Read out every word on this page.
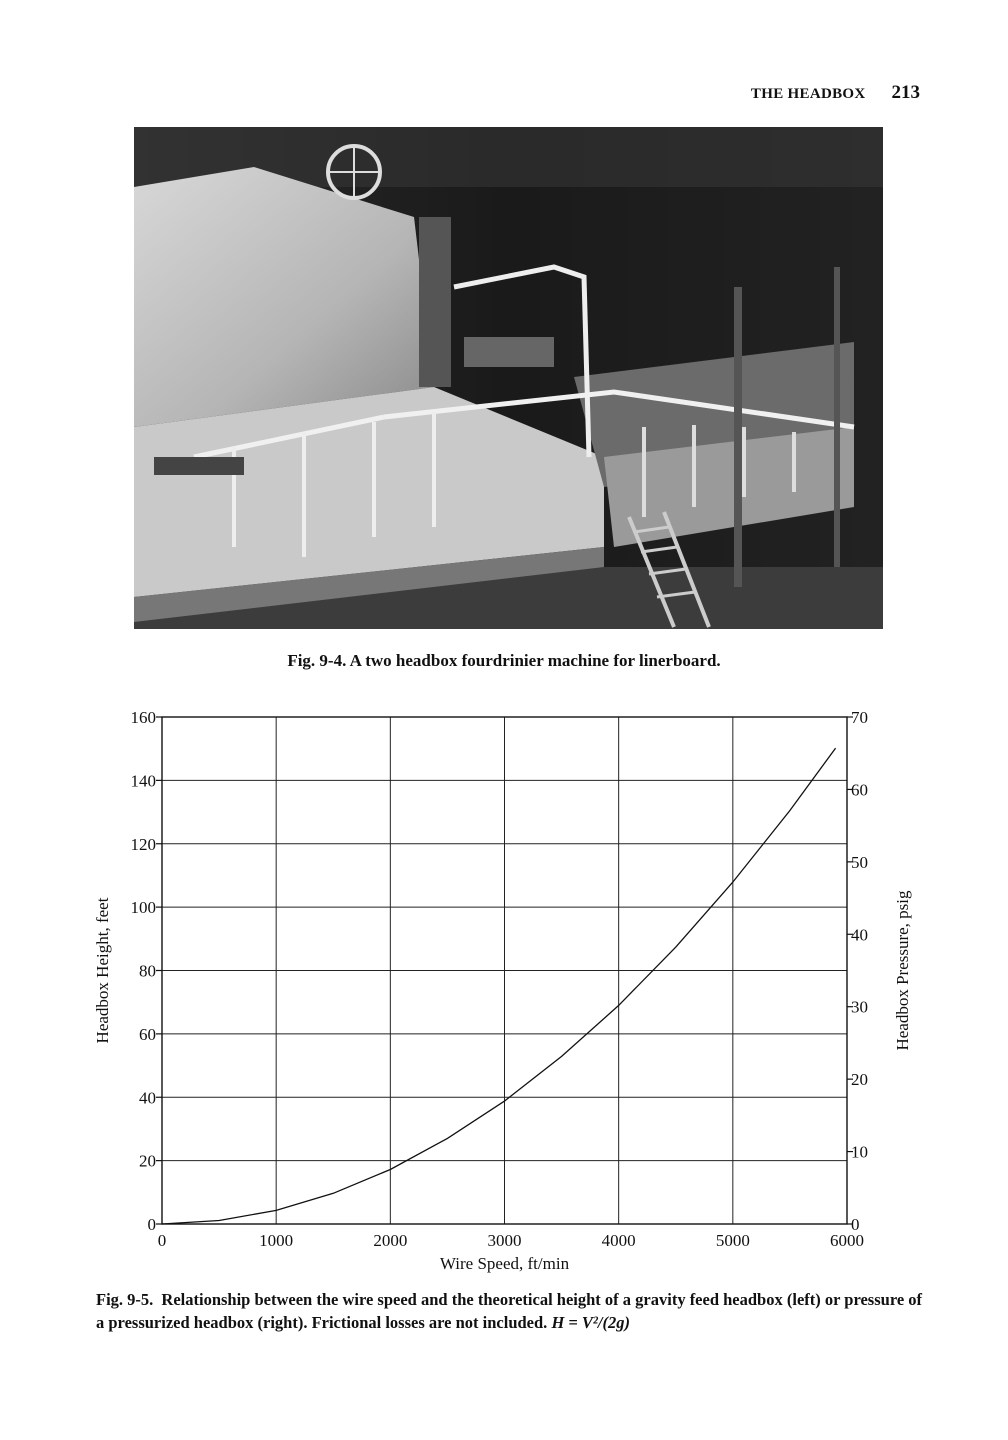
THE HEADBOX 213
Fig. 9-4. A two headbox fourdrinier machine for linerboard.
0	1000	2000	3000	4000	5000	6000
0
20
40
60
80
100
120
140
160
0
10
20
30
40
50
60
70
Wire Speed, ft/min
Headbox Height, feet	Headbox Pressure, psig
Fig. 9-5. Relationship between the wire speed and the theoretical height of a gravity feed headbox (left) or pressure of a pressurized headbox (right). Frictional losses are not included. H = V²/(2g)
